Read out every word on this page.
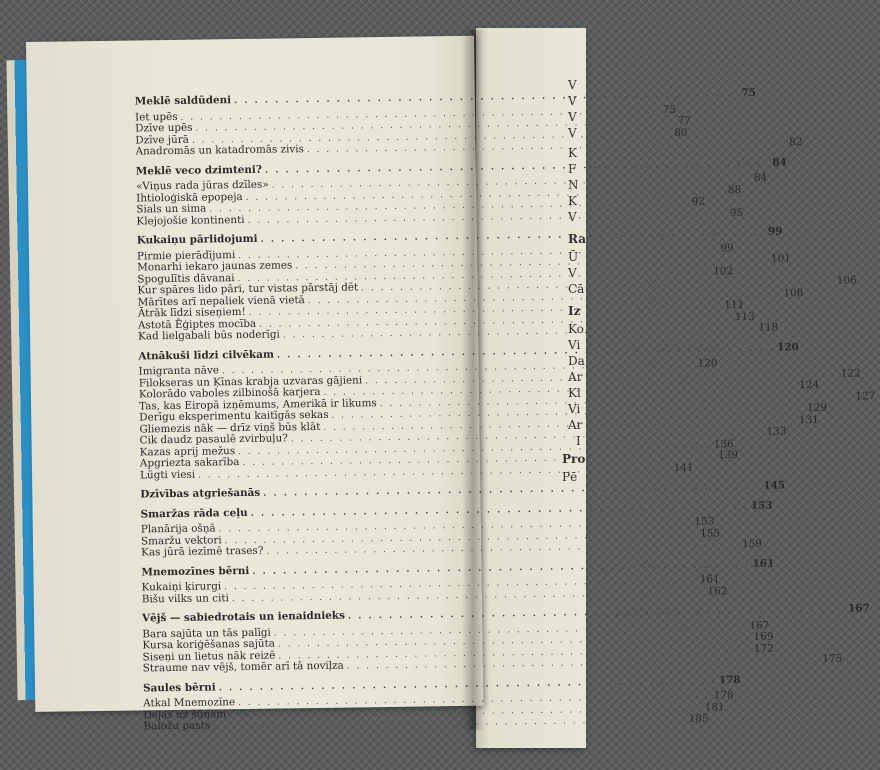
V
V
V
V
K
F
N
K
V
Ra
Ū
V
Cā
Iz
Ko
Vi
Da
Ar
Kl
Vi
Ar
I
Pro
Pē
Meklē saldūdeni
. . .
75
Iet upēs
. . .
75
Dzīve upēs
. . .
77
Dzīve jūrā
. . .
80
Anadromās un katadromās zivis
. . .
82
Meklē veco dzimteni?
. . .
84
«Viņus rada jūras dzīles»
. . .
84
Ihtioloģiskā epopeja
. . .
88
Sials un sima
. . .
92
Klejojošie kontinenti
. . .
95
Kukaiņu pārlidojumi
. . .
99
Pirmie pierādījumi
. . .
99
Monarhi iekaro jaunas zemes
. . .
101
Spogulītis dāvanai
. . .
102
Kur spāres lido pāri, tur vistas pārstāj dēt
. . .
106
Mārītes arī nepaliek vienā vietā
. . .
108
Ātrāk līdzi siseņiem!
. . .
111
Astotā Ēģiptes mocība
. . .
113
Kad lielgabali būs noderīgi
. . .
118
Atnākuši līdzi cilvēkam
. . .
120
Imigranta nāve
. . .
120
Filokseras un Ķīnas krabja uzvaras gājieni
. . .
122
Kolorādo vaboles zilbinošā karjera
. . .
124
Tas, kas Eiropā izņēmums, Amerikā ir likums
. . .
127
Derīgu eksperimentu kaitīgās sekas
. . .
129
Gliemezis nāk — drīz viņš būs klāt
. . .
131
Cik daudz pasaulē zvirbuļu?
. . .
133
Kazas aprij mežus
. . .
136
Apgriezta sakarība
. . .
139
Lūgti viesi
. . .
141
Dzīvības atgriešanās
. . .
145
Smaržas rāda ceļu
. . .
153
Planārija ošņā
. . .
153
Smaržu vektori
. . .
155
Kas jūrā iezīmē trases?
. . .
159
Mnemozīnes bērni
. . .
161
Kukaiņi ķirurgi
. . .
161
Bišu vilks un citi
. . .
162
Vējš — sabiedrotais un ienaidnieks
. . .
167
Bara sajūta un tās palīgi
. . .
167
Kursa koriģēšanas sajūta
. . .
169
Siseņi un lietus nāk reizē
. . .
172
Straume nav vējš, tomēr arī tā noviļza
. . .
175
Saules bērni
. . .
178
Atkal Mnemozīne
. . .
178
Dejas uz šūnām
. . .
181
Baložu pasts
. . .
185
